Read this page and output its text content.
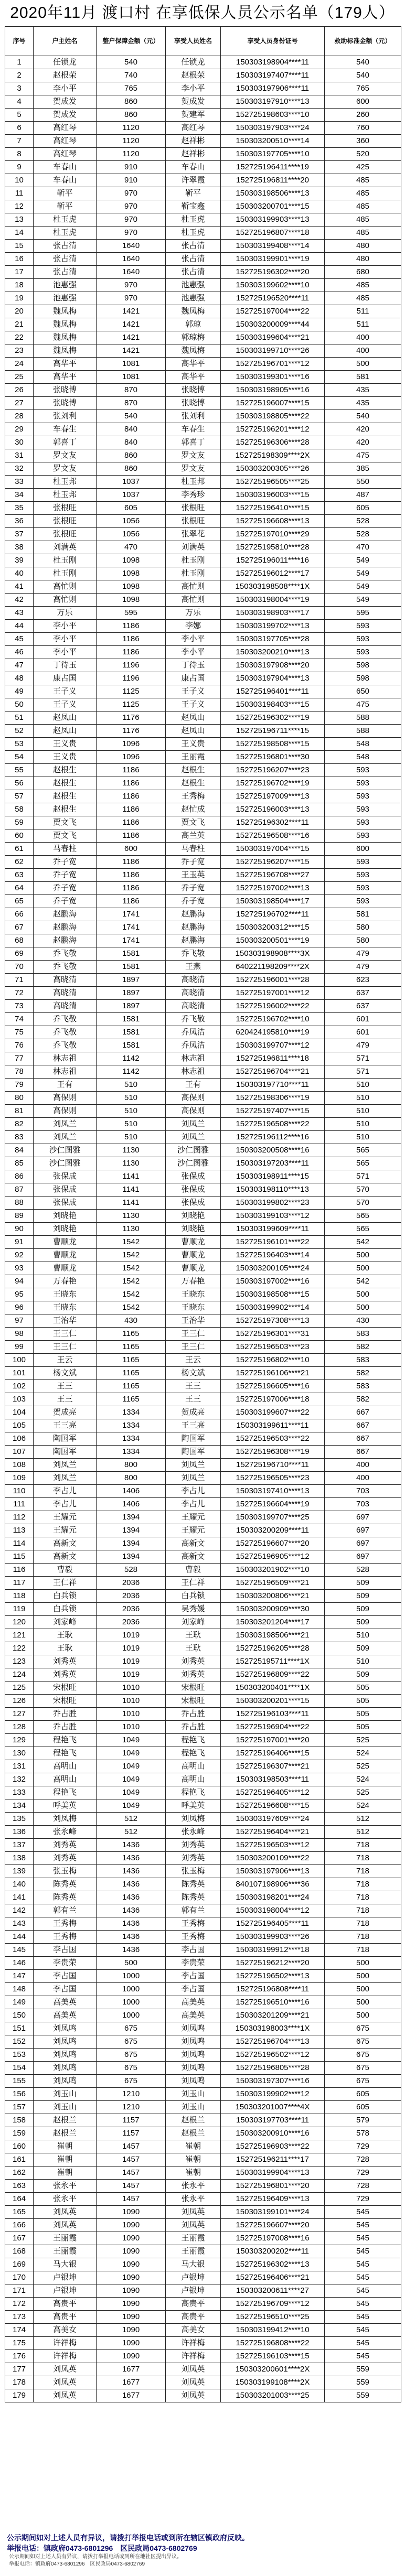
2020年11月 渡口村 在享低保人员公示名单（179人）
序号	户主姓名	整户保障金额（元）	享受人员姓名	享受人员身份证号	救助标准金额（元）
1	任锁龙	540	任锁龙	150303198904****11	540
2	赵根荣	740	赵根荣	150303197407****11	540
3	李小平	765	李小平	150303197906****11	765
4	贺成发	860	贺成发	150303197910****13	600
5	贺成发	860	贺建军	152725198603****10	260
6	高红琴	1120	高红琴	150303197903****24	760
7	高红琴	1120	赵祥彬	150303200510****14	360
8	高红琴	1120	赵祥彬	150303197705****10	520
9	车春山	910	车春山	152725196411****19	425
10	车春山	910	许翠霞	152725196811****20	485
11	靳平	970	靳平	150303198506****13	485
12	靳平	970	靳宝鑫	150303200701****15	485
13	杜玉虎	970	杜玉虎	150303199903****13	485
14	杜玉虎	970	杜玉虎	152725196807****18	485
15	张占清	1640	张占清	150303199408****14	480
16	张占清	1640	张占清	150303199901****19	480
17	张占清	1640	张占清	152725196302****20	680
18	池惠强	970	池惠强	150303199602****10	485
19	池惠强	970	池惠强	152725196520****11	485
20	魏凤梅	1421	魏凤梅	152725197004****22	511
21	魏凤梅	1421	郭琼	150303200009****44	511
22	魏凤梅	1421	郭琼梅	150303199604****21	400
23	魏凤梅	1421	魏凤梅	150303199710****26	400
24	高华平	1081	高华平	152725196701****12	500
25	高华平	1081	高华平	150303199301****16	581
26	张晓博	870	张晓博	150303198905****16	435
27	张晓博	870	张晓博	152725196007****15	435
28	张刘利	540	张刘利	150303198805****22	540
29	车春生	840	车春生	152725196201****12	420
30	郭喜丁	840	郭喜丁	152725196306****28	420
31	罗文友	860	罗文友	152725198309****2X	475
32	罗文友	860	罗文友	150303200305****26	385
33	杜玉邦	1037	杜玉邦	152725196505****25	550
34	杜玉邦	1037	李秀珍	150303196003****15	487
35	张根旺	605	张根旺	152725196410****15	605
36	张根旺	1056	张根旺	152725196608****13	528
37	张根旺	1056	张翠花	152725197010****29	528
38	刘满英	470	刘满英	152725195810****28	470
39	杜玉刚	1098	杜玉刚	152725196011****16	549
40	杜玉刚	1098	杜玉刚	152725196012****17	549
41	高忙则	1098	高忙则	150303198508****1X	549
42	高忙则	1098	高忙则	150303198004****19	549
43	万乐	595	万乐	150303198903****17	595
44	李小平	1186	李娜	150303199702****13	593
45	李小平	1186	李小平	150303197705****28	593
46	李小平	1186	李小平	150303200210****13	593
47	丁待玉	1196	丁待玉	150303197908****20	598
48	康占国	1196	康占国	150303197904****13	598
49	王子义	1125	王子义	152725196401****11	650
50	王子义	1125	王子义	150303198403****15	475
51	赵凤山	1176	赵凤山	152725196302****19	588
52	赵凤山	1176	赵凤山	152725196711****15	588
53	王义贵	1096	王义贵	152725198508****15	548
54	王义贵	1096	王丽霞	152725196801****30	548
55	赵根生	1186	赵根生	152725196207****23	593
56	赵根生	1186	赵根生	152725196702****19	593
57	赵根生	1186	王秀梅	152725197009****13	593
58	赵根生	1186	赵忙成	152725196003****13	593
59	贾文飞	1186	贾文飞	152725196302****11	593
60	贾文飞	1186	高兰英	152725196508****16	593
61	马春柱	600	马春柱	150303197004****15	600
62	乔子宽	1186	乔子宽	152725196207****15	593
63	乔子宽	1186	王玉英	152725196708****27	593
64	乔子宽	1186	乔子宽	152725197002****13	593
65	乔子宽	1186	乔子宽	150303198504****17	593
66	赵鹏海	1741	赵鹏海	152725196702****11	581
67	赵鹏海	1741	赵鹏海	150303200312****15	580
68	赵鹏海	1741	赵鹏海	150303200501****19	580
69	乔飞敬	1581	乔飞敬	150303198908****3X	479
70	乔飞敬	1581	王燕	640221198209****2X	479
71	高晓清	1897	高晓清	152725196001****28	623
72	高晓清	1897	高晓清	152725197001****12	637
73	高晓清	1897	高晓清	152725196002****22	637
74	乔飞敬	1581	乔飞敬	152725196702****10	601
75	乔飞敬	1581	乔凤洁	620424195810****19	601
76	乔飞敬	1581	乔凤洁	150303199707****12	479
77	林志祖	1142	林志祖	152725196811****18	571
78	林志祖	1142	林志祖	152725196704****21	571
79	王有	510	王有	150303197710****11	510
80	高保则	510	高保则	152725198306****19	510
81	高保则	510	高保则	152725197407****15	510
82	刘凤兰	510	刘凤兰	152725196508****22	510
83	刘凤兰	510	刘凤兰	152725196112****16	510
84	沙仁图雅	1130	沙仁图雅	150303200508****16	565
85	沙仁图雅	1130	沙仁图雅	150303197203****11	565
86	张保成	1141	张保成	150303198911****15	571
87	张保成	1141	张保成	150303198110****13	570
88	张保成	1141	张保成	150303199802****23	570
89	刘晓艳	1130	刘晓艳	150303199103****12	565
90	刘晓艳	1130	刘晓艳	150303199609****11	565
91	曹顺龙	1542	曹顺龙	152725196101****22	542
92	曹顺龙	1542	曹顺龙	152725196403****14	500
93	曹顺龙	1542	曹顺龙	150303200105****24	500
94	万春艳	1542	万春艳	150303197002****16	542
95	王晓东	1542	王晓东	150303198508****15	500
96	王晓东	1542	王晓东	150303199902****14	500
97	王治华	430	王治华	152725197308****13	430
98	王三仁	1165	王三仁	152725196301****31	583
99	王三仁	1165	王三仁	152725196503****23	582
100	王云	1165	王云	152725196802****10	583
101	杨文斌	1165	杨文斌	152725196106****21	582
102	王三	1165	王三	152725196605****16	583
103	王三	1165	王三	152725197006****18	582
104	贺成亮	1334	贺成亮	150303199607****22	667
105	王三亮	1334	王三亮	150303199611****11	667
106	陶国军	1334	陶国军	152725196503****22	667
107	陶国军	1334	陶国军	152725196308****19	667
108	刘凤兰	800	刘凤兰	152725196710****11	400
109	刘凤兰	800	刘凤兰	152725196505****23	400
110	李占儿	1406	李占儿	150303197410****13	703
111	李占儿	1406	李占儿	152725196604****19	703
112	王耀元	1394	王耀元	150303199707****25	697
113	王耀元	1394	王耀元	150303200209****11	697
114	高新文	1394	高新文	152725196607****20	697
115	高新文	1394	高新文	152725196905****12	697
116	曹毅	528	曹毅	150303201902****10	528
117	王仁祥	2036	王仁祥	152725196509****21	509
118	白兵锁	2036	白兵锁	150303200806****21	509
119	白兵锁	2036	吴秀媛	150303200909****30	509
120	刘家峰	2036	刘家峰	150303201204****17	509
121	王耿	1019	王耿	150303198506****21	510
122	王耿	1019	王耿	152725196205****28	509
123	刘秀英	1019	刘秀英	152725195711****1X	510
124	刘秀英	1019	刘秀英	152725196809****22	509
125	宋根旺	1010	宋根旺	150303200401****1X	505
126	宋根旺	1010	宋根旺	150303200201****15	505
127	乔占胜	1010	乔占胜	152725196103****11	505
128	乔占胜	1010	乔占胜	152725196904****22	505
129	程艳飞	1049	程艳飞	152725197001****20	525
130	程艳飞	1049	程艳飞	152725196406****15	524
131	高明山	1049	高明山	152725196307****21	525
132	高明山	1049	高明山	150303198503****11	524
133	程艳飞	1049	程艳飞	152725196405****12	525
134	呼美英	1049	呼美英	152725196608****15	524
135	刘凤梅	512	刘凤梅	150303197609****24	512
136	张永峰	512	张永峰	152725196404****21	512
137	刘秀英	1436	刘秀英	152725196503****12	718
138	刘秀英	1436	刘秀英	150303200109****22	718
139	张玉梅	1436	张玉梅	150303197906****13	718
140	陈秀英	1436	陈秀英	840107198906****36	718
141	陈秀英	1436	陈秀英	150303198201****24	718
142	郭有兰	1436	郭有兰	150303198004****12	718
143	王秀梅	1436	王秀梅	152725196405****11	718
144	王秀梅	1436	王秀梅	150303199903****26	718
145	李占国	1436	李占国	150303199912****18	718
146	李贵荣	500	李贵荣	152725196212****20	500
147	李占国	1000	李占国	152725196502****13	500
148	李占国	1000	李占国	152725196808****11	500
149	高美英	1000	高美英	152725196510****16	500
150	高美英	1000	高美英	150303201209****21	500
151	刘凤鸣	675	刘凤鸣	150303198003****1X	675
152	刘凤鸣	675	刘凤鸣	152725196704****13	675
153	刘凤鸣	675	刘凤鸣	152725196502****12	675
154	刘凤鸣	675	刘凤鸣	152725196805****28	675
155	刘凤鸣	675	刘凤鸣	150303197307****16	675
156	刘玉山	1210	刘玉山	150303199902****12	605
157	刘玉山	1210	刘玉山	150303201007****4X	605
158	赵根兰	1157	赵根兰	150303197703****11	579
159	赵根兰	1157	赵根兰	150303200910****16	578
160	崔朝	1457	崔朝	152725196903****22	729
161	崔朝	1457	崔朝	152725196211****17	728
162	崔朝	1457	崔朝	150303199904****13	729
163	张永平	1457	张永平	152725196801****20	728
164	张永平	1457	张永平	152725196409****13	729
165	刘凤英	1090	刘凤英	150303199101****24	545
166	刘凤英	1090	刘凤英	152725196607****20	545
167	王丽霞	1090	王丽霞	152725197008****16	545
168	王丽霞	1090	王丽霞	150303200202****11	545
169	马大银	1090	马大银	152725196302****13	545
170	卢银坤	1090	卢银坤	152725196406****21	545
171	卢银坤	1090	卢银坤	150303200611****27	545
172	高贵平	1090	高贵平	152725196709****12	545
173	高贵平	1090	高贵平	152725196510****25	545
174	高美女	1090	高美女	150303199412****10	545
175	许祥梅	1090	许祥梅	152725196808****22	545
176	许祥梅	1090	许祥梅	152725196103****15	545
177	刘凤英	1677	刘凤英	150303200601****2X	559
178	刘凤英	1677	刘凤英	150303199108****2X	559
179	刘凤英	1677	刘凤英	150303201003****25	559
公示期间如对上述人员有异议，请拨打举报电话或到所在辖区镇政府反映。
举报电话：镇政府0473-6801296　区民政局0473-6802769
公示期间如对上述人员有异议，请拨打举报电话或到所在地社区提出异议。
举报电话：镇政府0473-6801296　区民政局0473-6802769
